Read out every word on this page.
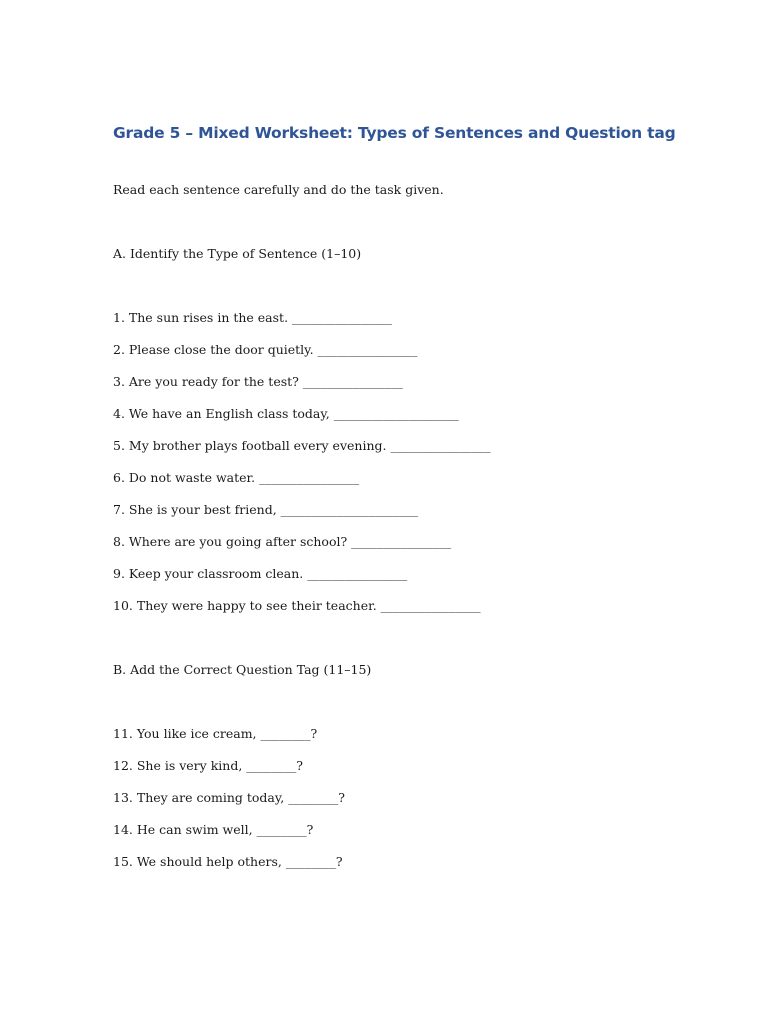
Grade 5 – Mixed Worksheet: Types of Sentences and Question tag

Read each sentence carefully and do the task given.

A. Identify the Type of Sentence (1–10)

1. The sun rises in the east. ________________

2. Please close the door quietly. ________________

3. Are you ready for the test? ________________

4. We have an English class today, ____________________

5. My brother plays football every evening. ________________

6. Do not waste water. ________________

7. She is your best friend, ______________________

8. Where are you going after school? ________________

9. Keep your classroom clean. ________________

10. They were happy to see their teacher. ________________

B. Add the Correct Question Tag (11–15)

11. You like ice cream, ________?

12. She is very kind, ________?

13. They are coming today, ________?

14. He can swim well, ________?

15. We should help others, ________?
